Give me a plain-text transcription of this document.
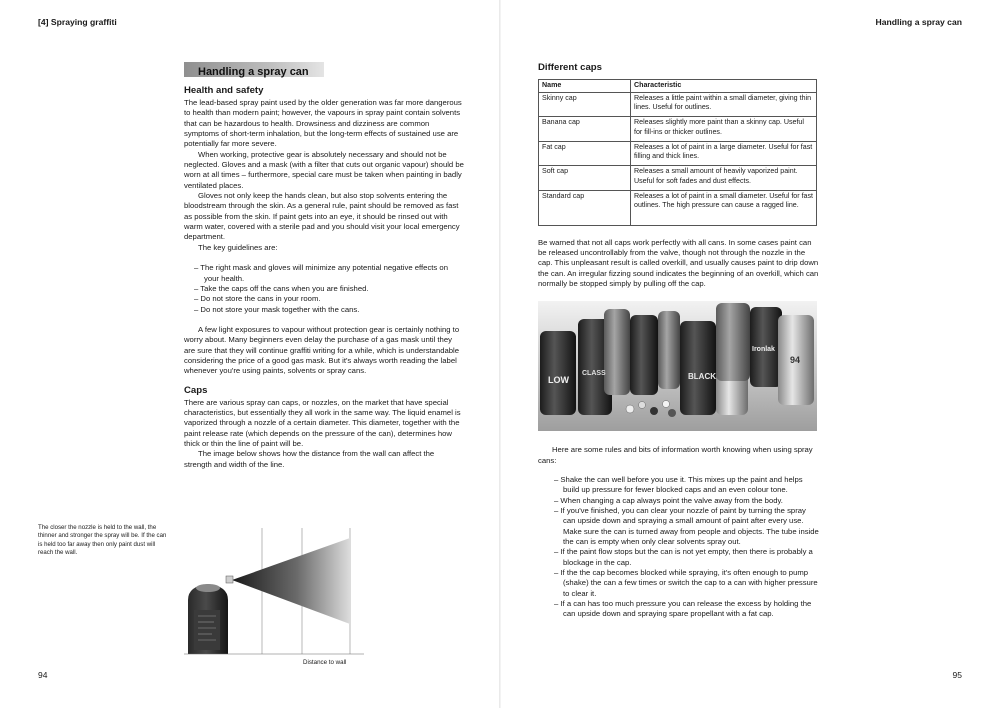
[4] Spraying graffiti	Handling a spray can
Handling a spray can
Health and safety

The lead-based spray paint used by the older generation was far more dangerous to health than modern paint; however, the vapours in spray paint contain solvents that can be hazardous to health. Drowsiness and dizziness are common symptoms of short-term inhalation, but the long-term effects of sustained use are potentially far more severe.

When working, protective gear is absolutely necessary and should not be neglected. Gloves and a mask (with a filter that cuts out organic vapour) should be worn at all times – furthermore, special care must be taken when painting in badly ventilated places.

Gloves not only keep the hands clean, but also stop solvents entering the bloodstream through the skin. As a general rule, paint should be removed as fast as possible from the skin. If paint gets into an eye, it should be rinsed out with warm water, covered with a sterile pad and you should visit your local emergency department.

The key guidelines are:

– The right mask and gloves will minimize any potential negative effects on your health.
– Take the caps off the cans when you are finished.
– Do not store the cans in your room.
– Do not store your mask together with the cans.

A few light exposures to vapour without protection gear is certainly nothing to worry about. Many beginners even delay the purchase of a gas mask until they are sure that they will continue graffiti writing for a while, which is understandable considering the price of a good gas mask. But it's always worth reading the label whenever you're using paints, solvents or spray cans.

Caps

There are various spray can caps, or nozzles, on the market that have special characteristics, but essentially they all work in the same way. The liquid enamel is vaporized through a nozzle of a certain diameter. This diameter, together with the paint release rate (which depends on the pressure of the can), determines how thick or thin the line of paint will be.

The image below shows how the distance from the wall can affect the strength and width of the line.

The closer the nozzle is held to the wall, the thinner and stronger the spray will be. If the can is held too far away then only paint dust will reach the wall.
Distance to wall
94
Different caps
Name	Characteristic
Skinny cap	Releases a little paint within a small diameter, giving thin lines. Useful for outlines.
Banana cap	Releases slightly more paint than a skinny cap. Useful for fill-ins or thicker outlines.
Fat cap	Releases a lot of paint in a large diameter. Useful for fast filling and thick lines.
Soft cap	Releases a small amount of heavily vaporized paint. Useful for soft fades and dust effects.
Standard cap	Releases a lot of paint in a small diameter. Useful for fast outlines. The high pressure can cause a ragged line.

Be warned that not all caps work perfectly with all cans. In some cases paint can be released uncontrollably from the valve, though not through the nozzle in the cap. This unpleasant result is called overkill, and usually causes paint to drip down the can. An irregular fizzing sound indicates the beginning of an overkill, which can normally be stopped simply by pulling off the cap.

LOW
CLASS	BLACK
Ironlak
94

Here are some rules and bits of information worth knowing when using spray cans:

– Shake the can well before you use it. This mixes up the paint and helps build up pressure for fewer blocked caps and an even colour tone.
– When changing a cap always point the valve away from the body.
– If you've finished, you can clear your nozzle of paint by turning the spray can upside down and spraying a small amount of paint after every use. Make sure the can is turned away from people and objects. The tube inside the can is empty when only clear solvents spray out.
– If the paint flow stops but the can is not yet empty, then there is probably a blockage in the cap.
– If the the cap becomes blocked while spraying, it's often enough to pump (shake) the can a few times or switch the cap to a can with higher pressure to clear it.
– If a can has too much pressure you can release the excess by holding the can upside down and spraying spare propellant with a fat cap.
95
